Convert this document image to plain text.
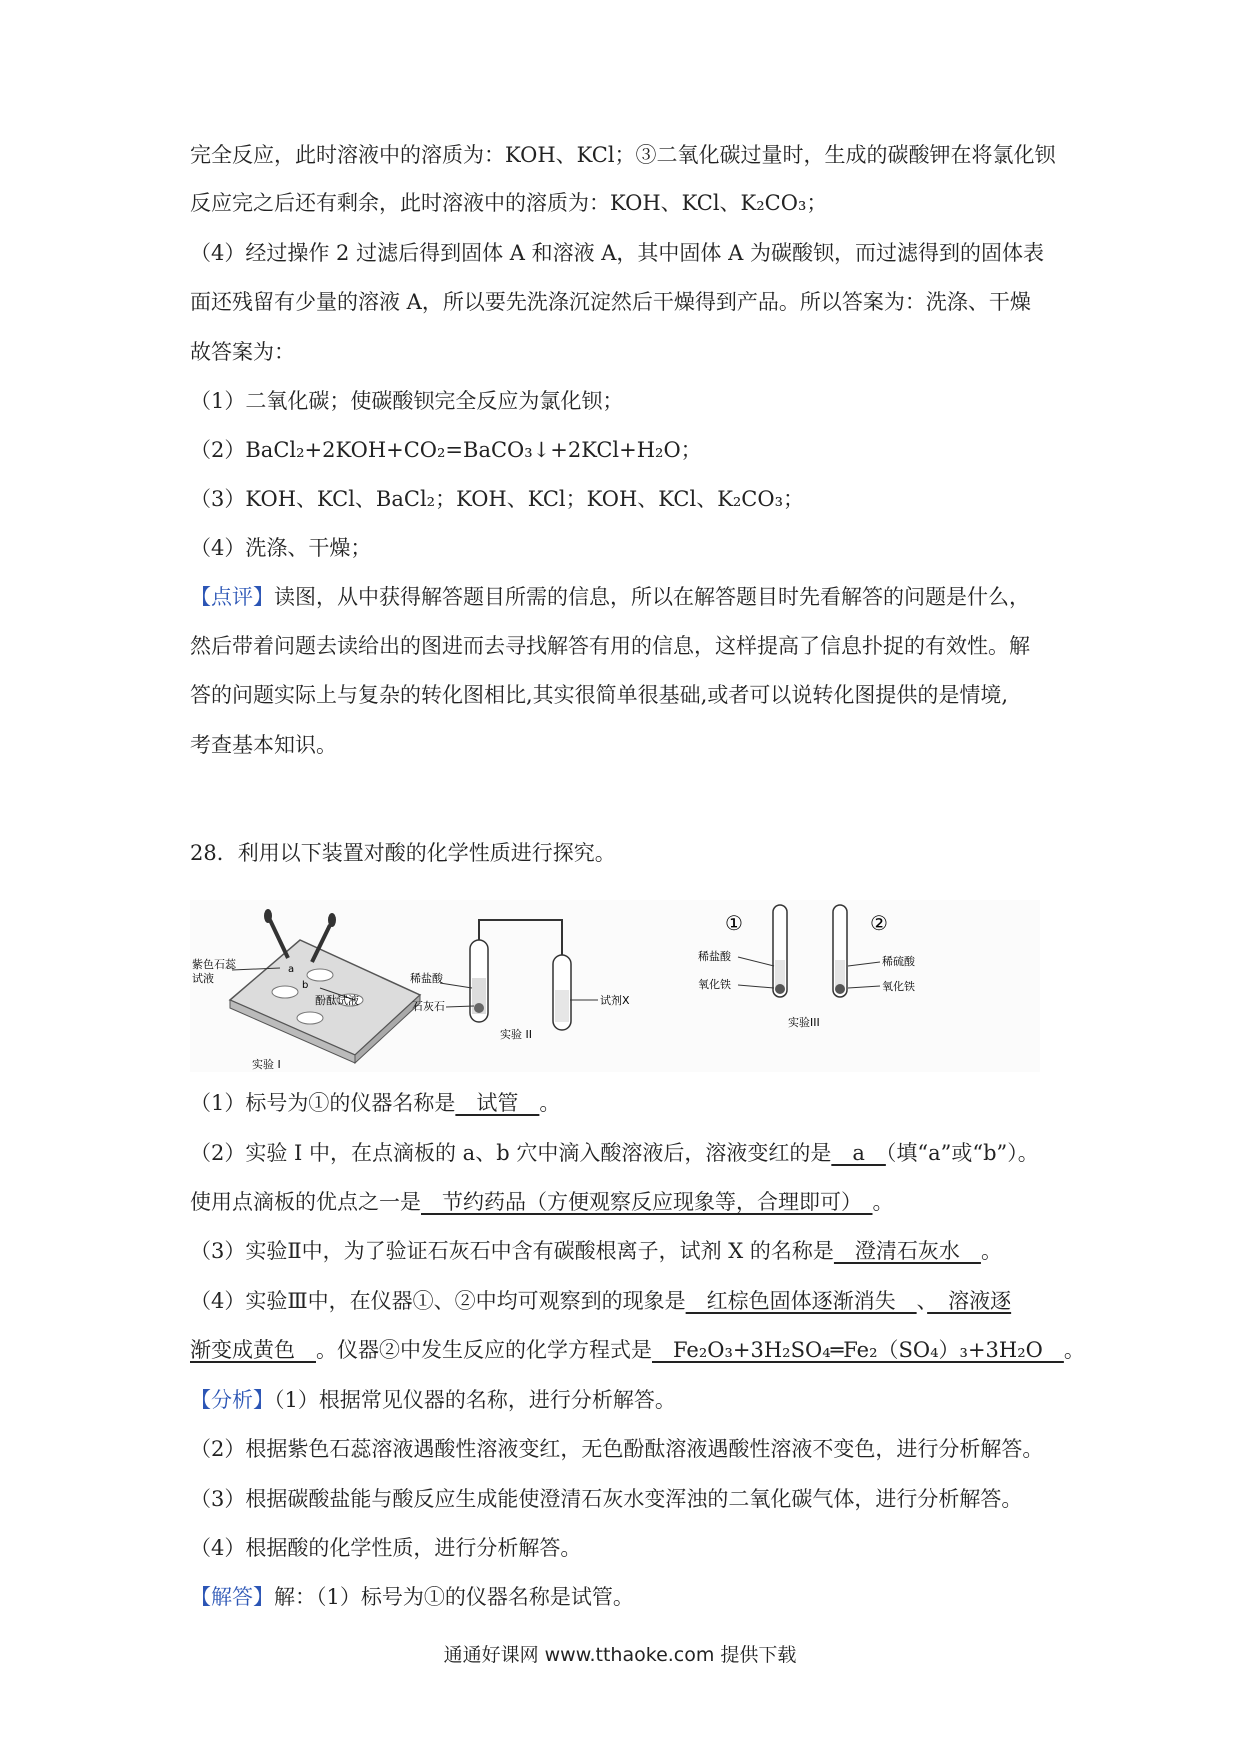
完全反应，此时溶液中的溶质为：KOH、KCl；③二氧化碳过量时，生成的碳酸钾在将氯化钡
反应完之后还有剩余，此时溶液中的溶质为：KOH、KCl、K₂CO₃；
（4）经过操作 2 过滤后得到固体 A 和溶液 A，其中固体 A 为碳酸钡，而过滤得到的固体表
面还残留有少量的溶液 A，所以要先洗涤沉淀然后干燥得到产品。所以答案为：洗涤、干燥
故答案为：
（1）二氧化碳；使碳酸钡完全反应为氯化钡；
（2）BaCl₂+2KOH+CO₂=BaCO₃↓+2KCl+H₂O；
（3）KOH、KCl、BaCl₂；KOH、KCl；KOH、KCl、K₂CO₃；
（4）洗涤、干燥；
【点评】读图，从中获得解答题目所需的信息，所以在解答题目时先看解答的问题是什么，
然后带着问题去读给出的图进而去寻找解答有用的信息，这样提高了信息扑捉的有效性。解
答的问题实际上与复杂的转化图相比,其实很简单很基础,或者可以说转化图提供的是情境,
考查基本知识。
28．利用以下装置对酸的化学性质进行探究。
紫色石蕊
试液
a
b
酚酞试液
实验 I
稀盐酸
石灰石	试剂X
实验 II
①	②
稀盐酸
氧化铁
稀硫酸
氧化铁
实验III
（1）标号为①的仪器名称是　试管　。
（2）实验 I 中，在点滴板的 a、b 穴中滴入酸溶液后，溶液变红的是　a　（填“a”或“b”）。
使用点滴板的优点之一是　节约药品（方便观察反应现象等，合理即可）　。
（3）实验Ⅱ中，为了验证石灰石中含有碳酸根离子，试剂 X 的名称是　澄清石灰水　。
（4）实验Ⅲ中，在仪器①、②中均可观察到的现象是　红棕色固体逐渐消失　、　溶液逐
渐变成黄色　。仪器②中发生反应的化学方程式是　Fe₂O₃+3H₂SO₄═Fe₂（SO₄）₃+3H₂O　。
【分析】（1）根据常见仪器的名称，进行分析解答。
（2）根据紫色石蕊溶液遇酸性溶液变红，无色酚酞溶液遇酸性溶液不变色，进行分析解答。
（3）根据碳酸盐能与酸反应生成能使澄清石灰水变浑浊的二氧化碳气体，进行分析解答。
（4）根据酸的化学性质，进行分析解答。
【解答】解：（1）标号为①的仪器名称是试管。
通通好课网 www.tthaoke.com 提供下载
